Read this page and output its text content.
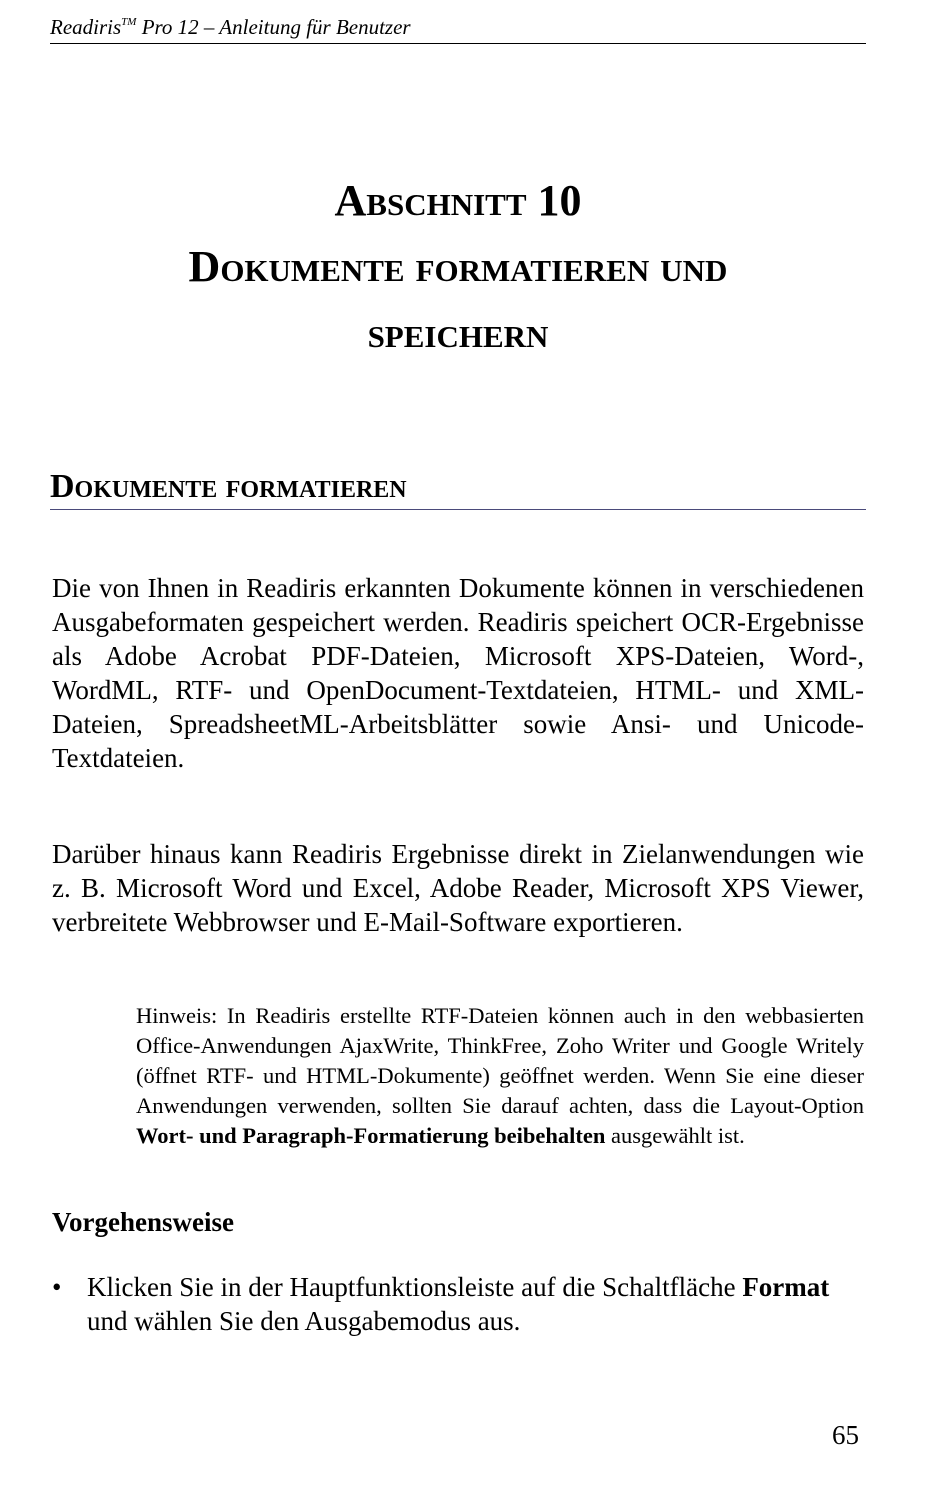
Readiris™ Pro 12 – Anleitung für Benutzer
Abschnitt 10
Dokumente formatieren und
speichern
Dokumente formatieren

Die von Ihnen in Readiris erkannten Dokumente können in verschiedenen Ausgabeformaten gespeichert werden. Readiris speichert OCR-Ergebnisse als Adobe Acrobat PDF-Dateien, Microsoft XPS-Dateien, Word-, WordML, RTF- und OpenDocument-Textdateien, HTML- und XML-Dateien, SpreadsheetML-Arbeitsblätter sowie Ansi- und Unicode-Textdateien.

Darüber hinaus kann Readiris Ergebnisse direkt in Zielanwendungen wie z. B. Microsoft Word und Excel, Adobe Reader, Microsoft XPS Viewer, verbreitete Webbrowser und E-Mail-Software exportieren.

Hinweis: In Readiris erstellte RTF-Dateien können auch in den webbasierten Office-Anwendungen AjaxWrite, ThinkFree, Zoho Writer und Google Writely (öffnet RTF- und HTML-Dokumente) geöffnet werden. Wenn Sie eine dieser Anwendungen verwenden, sollten Sie darauf achten, dass die Layout-Option Wort- und Paragraph-Formatierung beibehalten ausgewählt ist.

Vorgehensweise
• Klicken Sie in der Hauptfunktionsleiste auf die Schaltfläche Format und wählen Sie den Ausgabemodus aus.
65
